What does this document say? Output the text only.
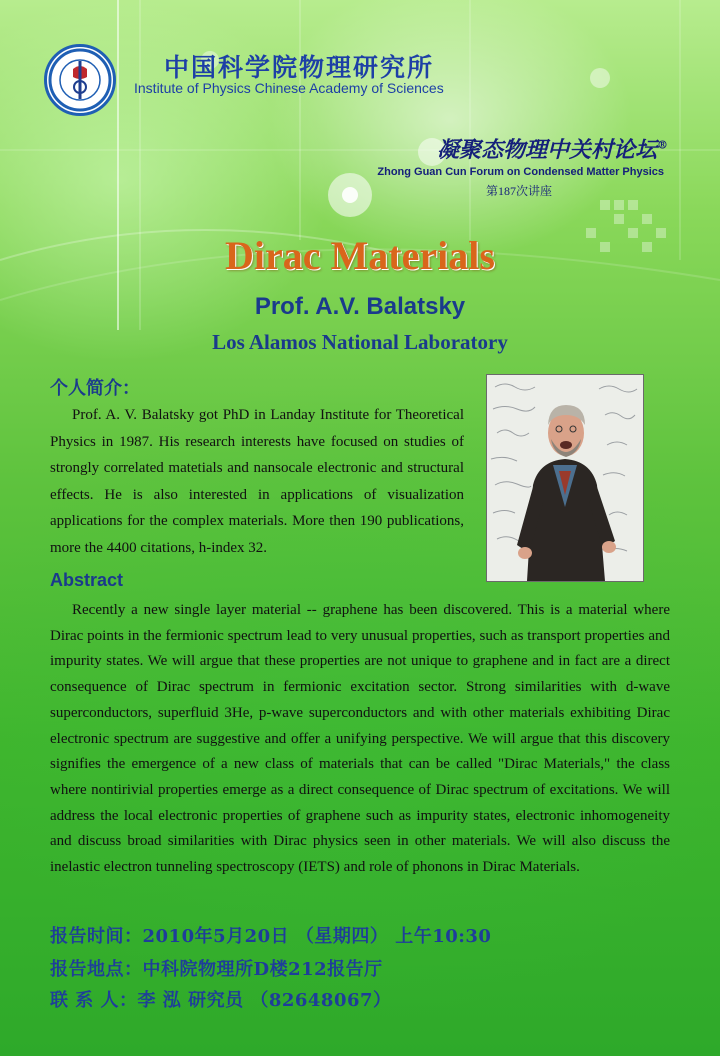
中国科学院物理研究所
Institute of Physics Chinese Academy of Sciences
凝聚态物理中关村论坛®
Zhong Guan Cun Forum on Condensed Matter Physics
第187次讲座
Dirac Materials
Prof. A.V. Balatsky
Los Alamos National Laboratory
个人简介：

Prof. A. V. Balatsky got PhD in Landay Institute for Theoretical Physics in 1987. His research interests have focused on studies of strongly correlated matetials and nansocale electronic and structural effects. He is also interested in applications of visualization applications for the complex materials. More then 190 publications, more the 4400 citations, h-index 32.

Abstract

Recently a new single layer material -- graphene has been discovered. This is a material where Dirac points in the fermionic spectrum lead to very unusual properties, such as transport properties and impurity states. We will argue that these properties are not unique to graphene and in fact are a direct consequence of Dirac spectrum in fermionic excitation sector. Strong similarities with d-wave superconductors, superfluid 3He, p-wave superconductors and with other materials exhibiting Dirac electronic spectrum are suggestive and offer a unifying perspective. We will argue that this discovery signifies the emergence of a new class of materials that can be called "Dirac Materials," the class where nontirivial properties emerge as a direct consequence of Dirac spectrum of excitations. We will address the local electronic properties of graphene such as impurity states, electronic inhomogeneity and discuss broad similarities with Dirac physics seen in other materials. We will also discuss the inelastic electron tunneling spectroscopy (IETS) and role of phonons in Dirac Materials.

报告时间：2010年5月20日 （星期四） 上午10:30
报告地点：中科院物理所D楼212报告厅
联 系 人：李 泓 研究员 （82648067）
